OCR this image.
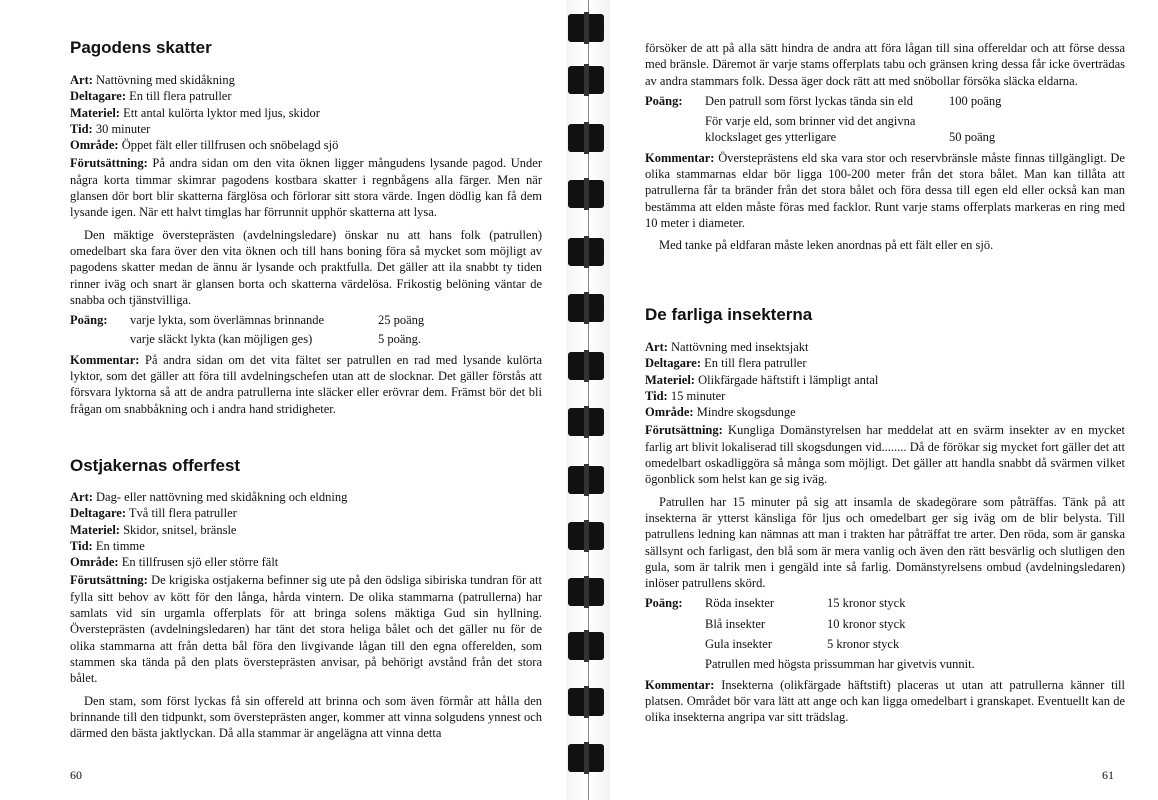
Pagodens skatter

Art: Nattövning med skidåkning

Deltagare: En till flera patruller

Materiel: Ett antal kulörta lyktor med ljus, skidor

Tid: 30 minuter

Område: Öppet fält eller tillfrusen och snöbelagd sjö

Förutsättning: På andra sidan om den vita öknen ligger mångudens lysande pagod. Under några korta timmar skimrar pagodens kostbara skatter i regnbågens alla färger. Men när glansen dör bort blir skatterna färglösa och förlorar sitt stora värde. Ingen dödlig kan få dem lysande igen. När ett halvt timglas har förrunnit upphör skatterna att lysa.

Den mäktige översteprästen (avdelningsledare) önskar nu att hans folk (patrullen) omedelbart ska fara över den vita öknen och till hans boning föra så mycket som möjligt av pagodens skatter medan de ännu är lysande och praktfulla. Det gäller att ila snabbt ty tiden rinner iväg och snart är glansen borta och skatterna värdelösa. Frikostig belöning väntar de snabba och tjänstvilliga.

Poäng:	varje lykta, som överlämnas brinnande	25 poäng
varje släckt lykta (kan möjligen ges)	5 poäng.

Kommentar: På andra sidan om det vita fältet ser patrullen en rad med lysande kulörta lyktor, som det gäller att föra till avdelningschefen utan att de slocknar. Det gäller förstås att försvara lyktorna så att de andra patrullerna inte släcker eller erövrar dem. Främst bör det bli frågan om snabbåkning och i andra hand stridigheter.

Ostjakernas offerfest

Art: Dag- eller nattövning med skidåkning och eldning

Deltagare: Två till flera patruller

Materiel: Skidor, snitsel, bränsle

Tid: En timme

Område: En tillfrusen sjö eller större fält

Förutsättning: De krigiska ostjakerna befinner sig ute på den ödsliga sibiriska tundran för att fylla sitt behov av kött för den långa, hårda vintern. De olika stammarna (patrullerna) har samlats vid sin urgamla offerplats för att bringa solens mäktiga Gud sin hyllning. Översteprästen (avdelningsledaren) har tänt det stora heliga bålet och det gäller nu för de olika stammarna att från detta bål föra den livgivande lågan till den egna offerelden, som stammen ska tända på den plats översteprästen anvisar, på behörigt avstånd från det stora bålet.

Den stam, som först lyckas få sin offereld att brinna och som även förmår att hålla den brinnande till den tidpunkt, som översteprästen anger, kommer att vinna solgudens ynnest och därmed den bästa jaktlyckan. Då alla stammar är angelägna att vinna detta

60

försöker de att på alla sätt hindra de andra att föra lågan till sina offereldar och att förse dessa med bränsle. Däremot är varje stams offerplats tabu och gränsen kring dessa får icke överträdas av andra stammars folk. Dessa äger dock rätt att med snöbollar försöka släcka eldarna.

Poäng:	Den patrull som först lyckas tända sin eld	100 poäng
För varje eld, som brinner vid det angivna
klockslaget ges ytterligare	50 poäng

Kommentar: Översteprästens eld ska vara stor och reservbränsle måste finnas tillgängligt. De olika stammarnas eldar bör ligga 100-200 meter från det stora bålet. Man kan tillåta att patrullerna får ta bränder från det stora bålet och föra dessa till egen eld eller också kan man bestämma att elden måste föras med facklor. Runt varje stams offerplats markeras en ring med 10 meter i diameter.

Med tanke på eldfaran måste leken anordnas på ett fält eller en sjö.

De farliga insekterna

Art: Nattövning med insektsjakt

Deltagare: En till flera patruller

Materiel: Olikfärgade häftstift i lämpligt antal

Tid: 15 minuter

Område: Mindre skogsdunge

Förutsättning: Kungliga Domänstyrelsen har meddelat att en svärm insekter av en mycket farlig art blivit lokaliserad till skogsdungen vid........ Då de förökar sig mycket fort gäller det att omedelbart oskadliggöra så många som möjligt. Det gäller att handla snabbt då svärmen vilket ögonblick som helst kan ge sig iväg.

Patrullen har 15 minuter på sig att insamla de skadegörare som påträffas. Tänk på att insekterna är ytterst känsliga för ljus och omedelbart ger sig iväg om de blir belysta. Till patrullens ledning kan nämnas att man i trakten har påträffat tre arter. Den röda, som är ganska sällsynt och farligast, den blå som är mera vanlig och även den rätt besvärlig och slutligen den gula, som är talrik men i gengäld inte så farlig. Domänstyrelsens ombud (avdelningsledaren) inlöser patrullens skörd.

Poäng:	Röda insekter	15 kronor styck
Blå insekter	10 kronor styck
Gula insekter	5 kronor styck
Patrullen med högsta prissumman har givetvis vunnit.

Kommentar: Insekterna (olikfärgade häftstift) placeras ut utan att patrullerna känner till platsen. Området bör vara lätt att ange och kan ligga omedelbart i granskapet. Eventuellt kan de olika insekterna angripa var sitt trädslag.

61
